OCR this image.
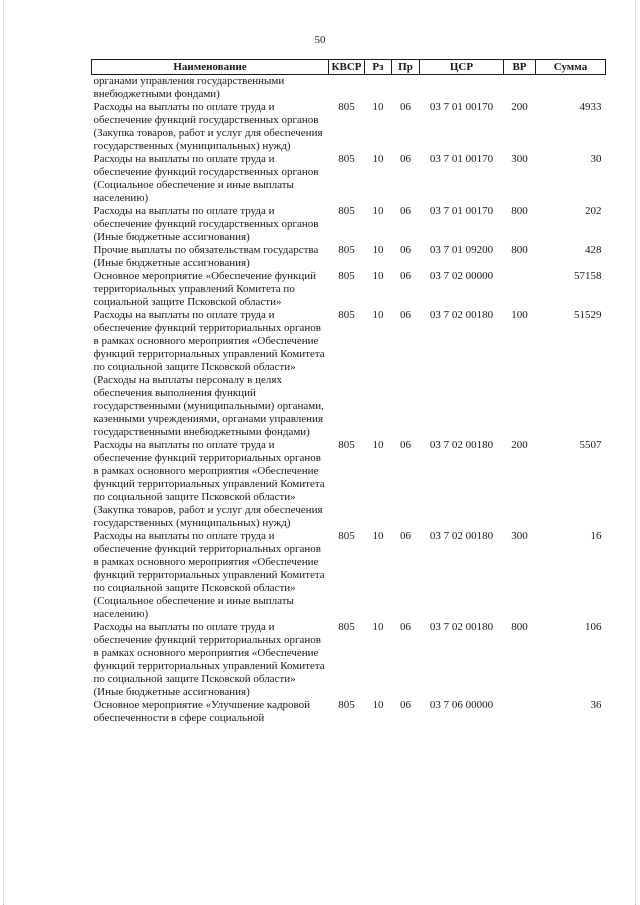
50
Наименование	КВСР	Рз	Пр	ЦСР	ВР	Сумма
органами управления государственными внебюджетными фондами)						
Расходы на выплаты по оплате труда и обеспечение функций государственных органов (Закупка товаров, работ и услуг для обеспечения государственных (муниципальных) нужд)	805	10	06	03 7 01 00170	200	4933
Расходы на выплаты по оплате труда и обеспечение функций государственных органов (Социальное обеспечение и иные выплаты населению)	805	10	06	03 7 01 00170	300	30
Расходы на выплаты по оплате труда и обеспечение функций государственных органов (Иные бюджетные ассигнования)	805	10	06	03 7 01 00170	800	202
Прочие выплаты по обязательствам государства (Иные бюджетные ассигнования)	805	10	06	03 7 01 09200	800	428
Основное мероприятие «Обеспечение функций территориальных управлений Комитета по социальной защите Псковской области»	805	10	06	03 7 02 00000		57158
Расходы на выплаты по оплате труда и обеспечение функций территориальных органов в рамках основного мероприятия «Обеспечение функций территориальных управлений Комитета по социальной защите Псковской области» (Расходы на выплаты персоналу в целях обеспечения выполнения функций государственными (муниципальными) органами, казенными учреждениями, органами управления государственными внебюджетными фондами)	805	10	06	03 7 02 00180	100	51529
Расходы на выплаты по оплате труда и обеспечение функций территориальных органов в рамках основного мероприятия «Обеспечение функций территориальных управлений Комитета по социальной защите Псковской области» (Закупка товаров, работ и услуг для обеспечения государственных (муниципальных) нужд)	805	10	06	03 7 02 00180	200	5507
Расходы на выплаты по оплате труда и обеспечение функций территориальных органов в рамках основного мероприятия «Обеспечение функций территориальных управлений Комитета по социальной защите Псковской области» (Социальное обеспечение и иные выплаты населению)	805	10	06	03 7 02 00180	300	16
Расходы на выплаты по оплате труда и обеспечение функций территориальных органов в рамках основного мероприятия «Обеспечение функций территориальных управлений Комитета по социальной защите Псковской области» (Иные бюджетные ассигнования)	805	10	06	03 7 02 00180	800	106
Основное мероприятие «Улучшение кадровой обеспеченности в сфере социальной	805	10	06	03 7 06 00000		36
